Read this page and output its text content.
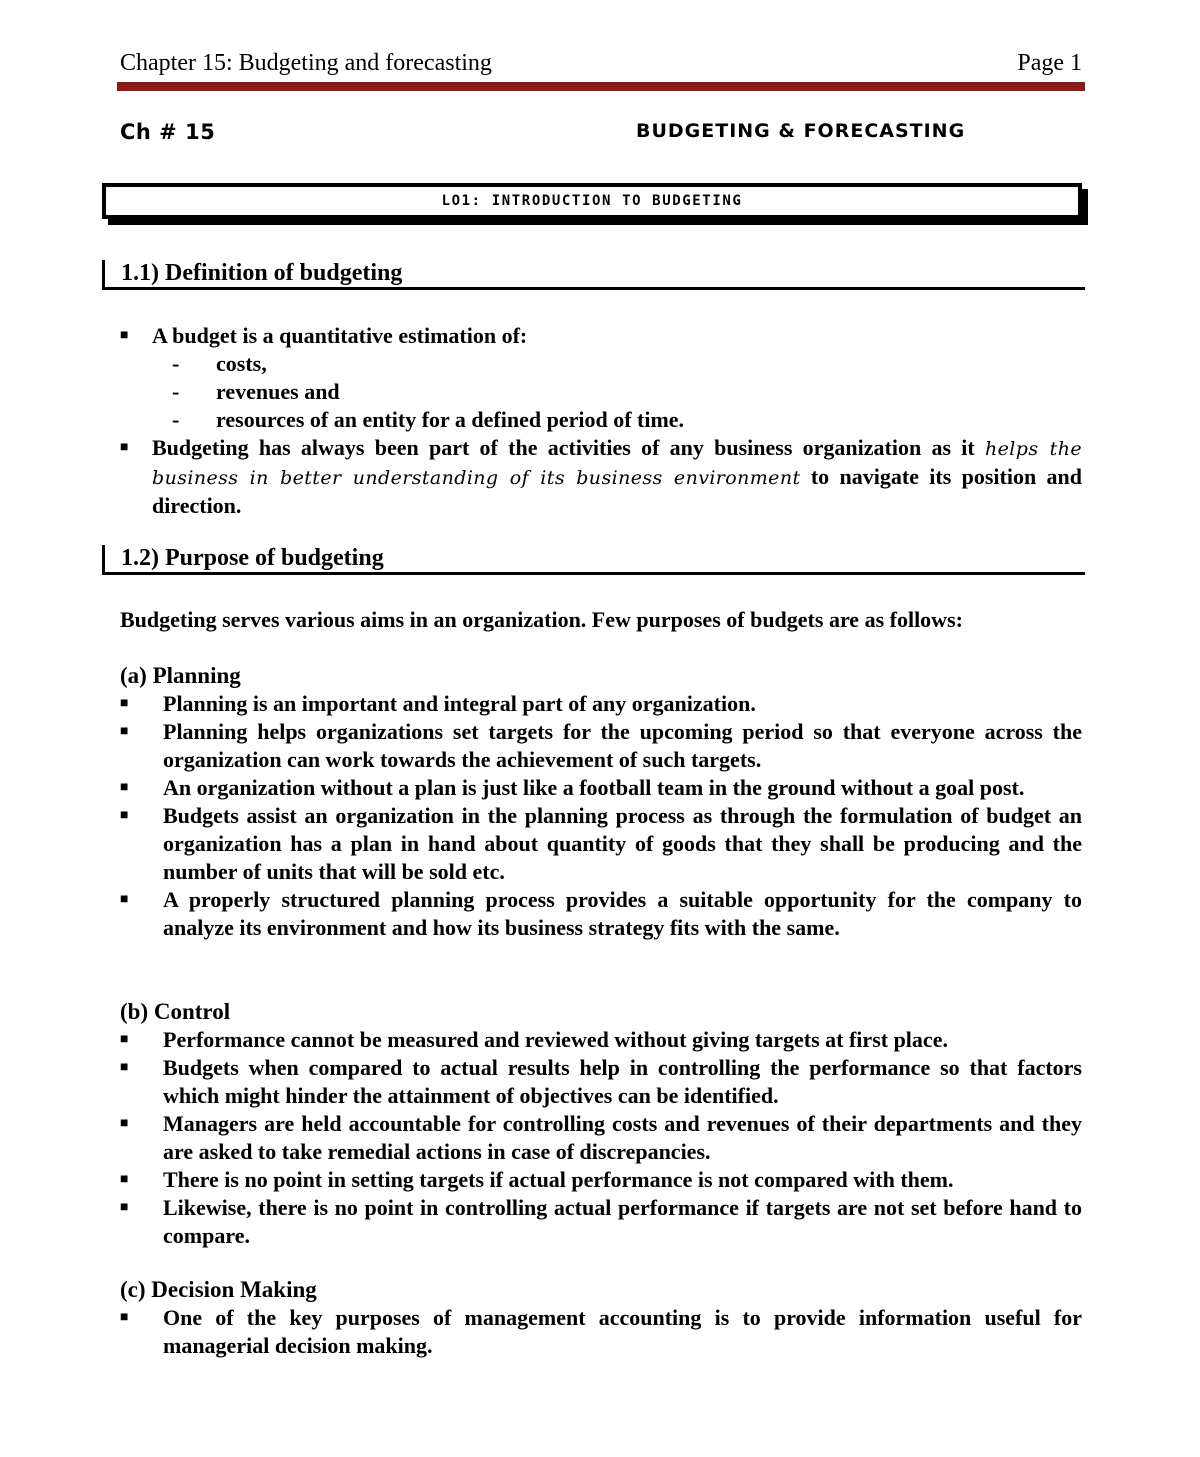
Chapter 15: Budgeting and forecasting	Page 1
Ch # 15	BUDGETING & FORECASTING
LO1: INTRODUCTION TO BUDGETING
1.1) Definition of budgeting
■ A budget is a quantitative estimation of:
- costs,
- revenues and
- resources of an entity for a defined period of time.
■ Budgeting has always been part of the activities of any business organization as it helps the business in better understanding of its business environment to navigate its position and direction.
1.2) Purpose of budgeting
Budgeting serves various aims in an organization. Few purposes of budgets are as follows:
(a) Planning
■ Planning is an important and integral part of any organization.
■ Planning helps organizations set targets for the upcoming period so that everyone across the organization can work towards the achievement of such targets.
■ An organization without a plan is just like a football team in the ground without a goal post.
■ Budgets assist an organization in the planning process as through the formulation of budget an organization has a plan in hand about quantity of goods that they shall be producing and the number of units that will be sold etc.
■ A properly structured planning process provides a suitable opportunity for the company to analyze its environment and how its business strategy fits with the same.
(b) Control
■ Performance cannot be measured and reviewed without giving targets at first place.
■ Budgets when compared to actual results help in controlling the performance so that factors which might hinder the attainment of objectives can be identified.
■ Managers are held accountable for controlling costs and revenues of their departments and they are asked to take remedial actions in case of discrepancies.
■ There is no point in setting targets if actual performance is not compared with them.
■ Likewise, there is no point in controlling actual performance if targets are not set before hand to compare.
(c) Decision Making
■ One of the key purposes of management accounting is to provide information useful for managerial decision making.
